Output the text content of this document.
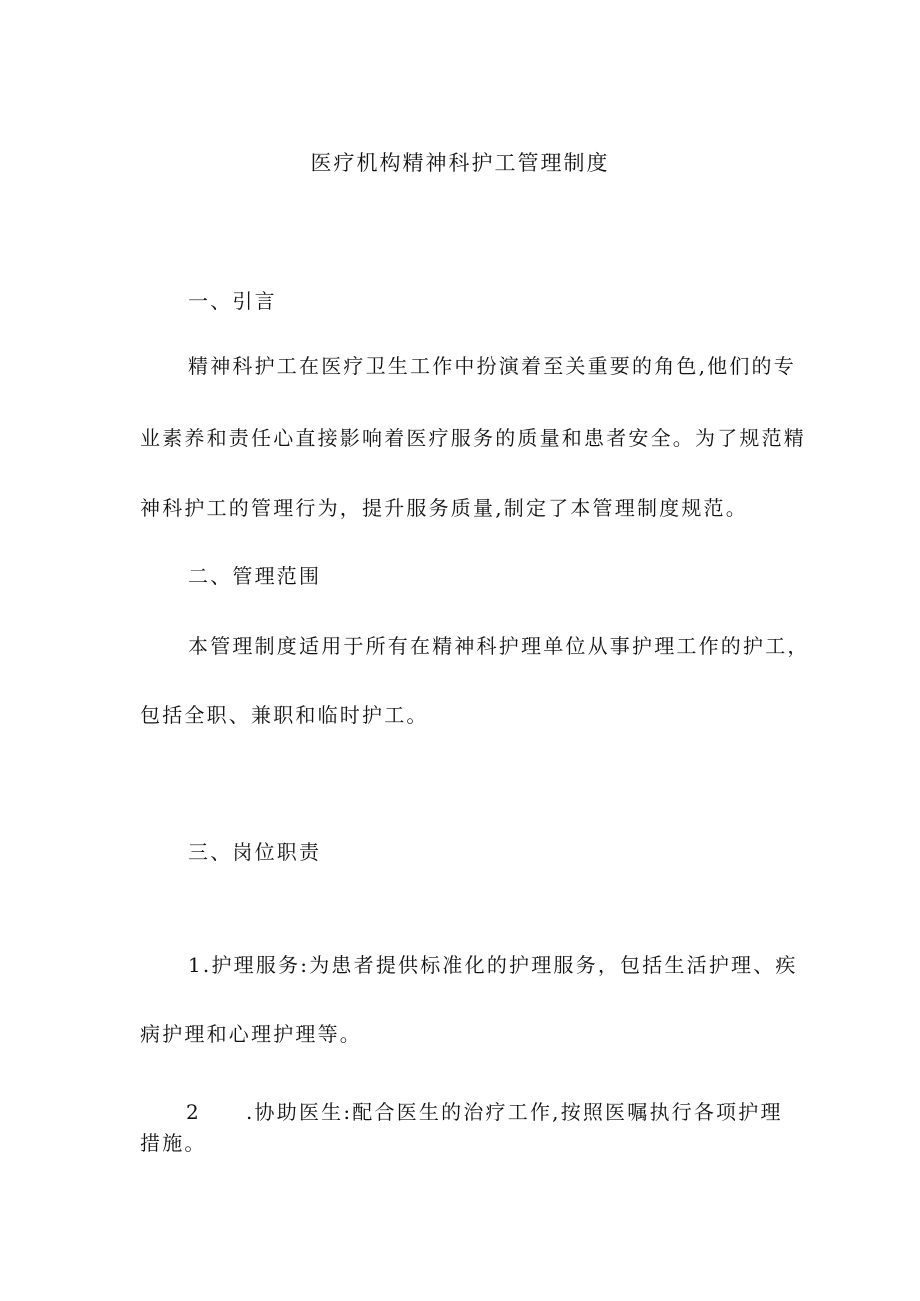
医疗机构精神科护工管理制度
一、引言
精神科护工在医疗卫生工作中扮演着至关重要的角色,他们的专
业素养和责任心直接影响着医疗服务的质量和患者安全。为了规范精
神科护工的管理行为，提升服务质量,制定了本管理制度规范。
二、管理范围
本管理制度适用于所有在精神科护理单位从事护理工作的护工，
包括全职、兼职和临时护工。
三、岗位职责
1.护理服务:为患者提供标准化的护理服务，包括生活护理、疾
病护理和心理护理等。
2 .协助医生:配合医生的治疗工作,按照医嘱执行各项护理
措施。
